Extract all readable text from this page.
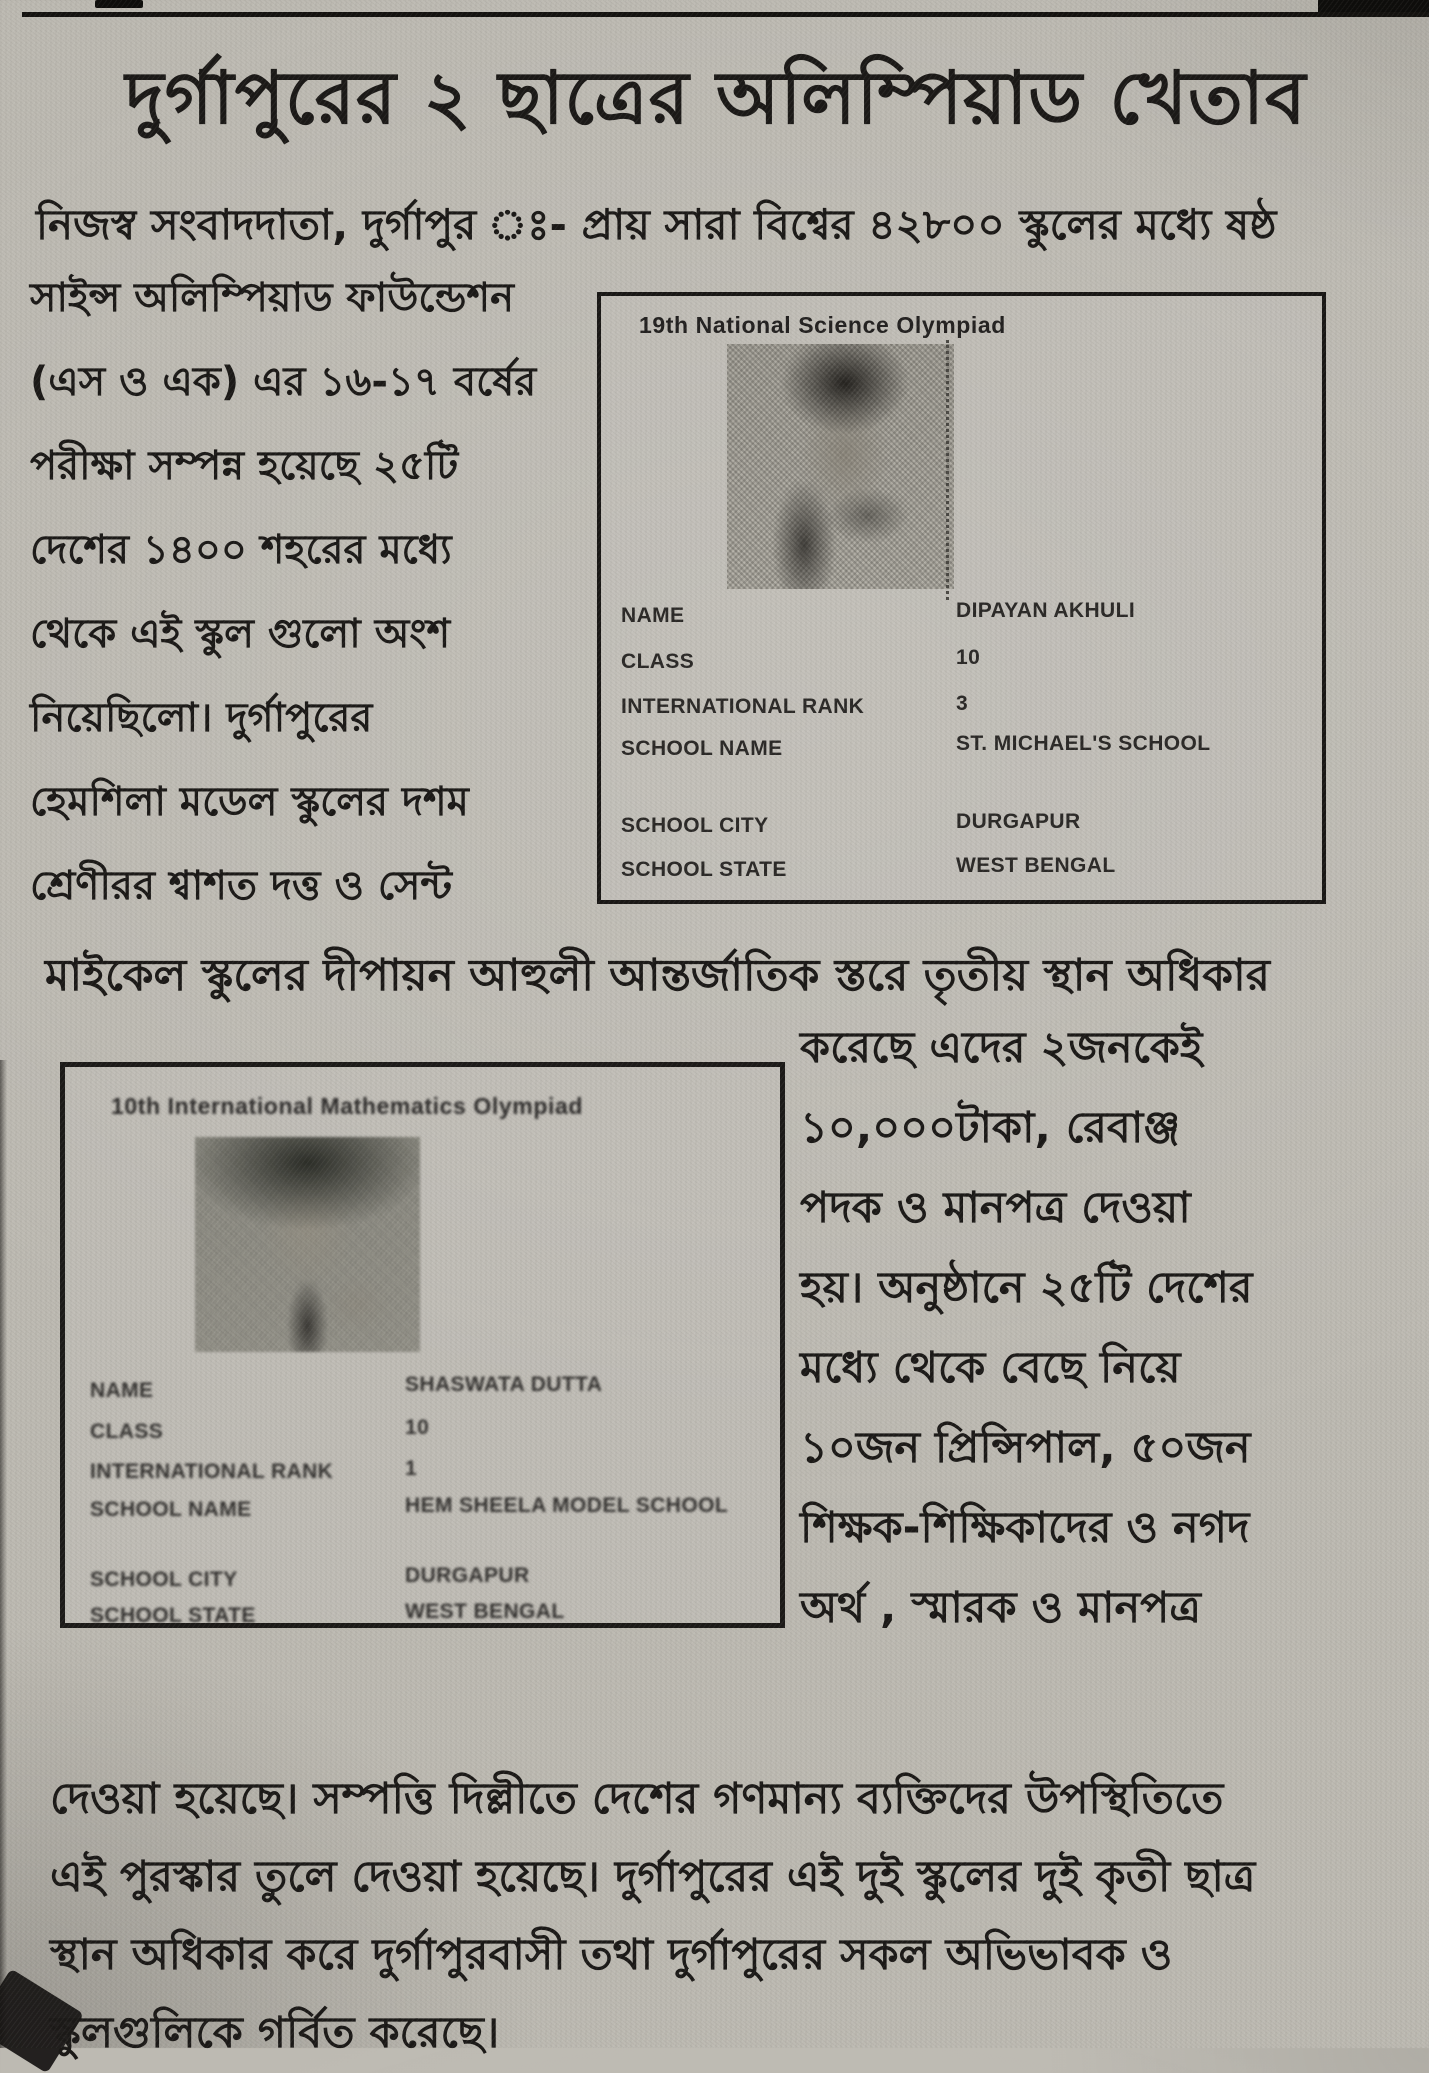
দুর্গাপুরের ২ ছাত্রের অলিম্পিয়াড খেতাব
নিজস্ব সংবাদদাতা, দুর্গাপুর ঃ- প্রায় সারা বিশ্বের ৪২৮০০ স্কুলের মধ্যে ষষ্ঠ
সাইন্স অলিম্পিয়াড ফাউন্ডেশন
(এস ও এক) এর ১৬-১৭ বর্ষের
পরীক্ষা সম্পন্ন হয়েছে ২৫টি
দেশের ১৪০০ শহরের মধ্যে
থেকে এই স্কুল গুলো অংশ
নিয়েছিলো। দুর্গাপুরের
হেমশিলা মডেল স্কুলের দশম
শ্রেণীরর শ্বাশত দত্ত ও সেন্ট
19th National Science Olympiad
NAME	DIPAYAN AKHULI
CLASS	10
INTERNATIONAL RANK	3
SCHOOL NAME	ST. MICHAEL'S SCHOOL
SCHOOL CITY	DURGAPUR
SCHOOL STATE	WEST BENGAL
মাইকেল স্কুলের দীপায়ন আহুলী আন্তর্জাতিক স্তরে তৃতীয় স্থান অধিকার
10th International Mathematics Olympiad
NAME	SHASWATA DUTTA
CLASS	10
INTERNATIONAL RANK	1
SCHOOL NAME	HEM SHEELA MODEL SCHOOL
SCHOOL CITY	DURGAPUR
SCHOOL STATE	WEST BENGAL
করেছে এদের ২জনকেই
১০,০০০টাকা, রেবাঞ্জ
পদক ও মানপত্র দেওয়া
হয়। অনুষ্ঠানে ২৫টি দেশের
মধ্যে থেকে বেছে নিয়ে
১০জন প্রিন্সিপাল, ৫০জন
শিক্ষক-শিক্ষিকাদের ও নগদ
অর্থ , স্মারক ও মানপত্র
দেওয়া হয়েছে। সম্পত্তি দিল্লীতে দেশের গণমান্য ব্যক্তিদের উপস্থিতিতে
এই পুরস্কার তুলে দেওয়া হয়েছে। দুর্গাপুরের এই দুই স্কুলের দুই কৃতী ছাত্র
স্থান অধিকার করে দুর্গাপুরবাসী তথা দুর্গাপুরের সকল অভিভাবক ও
স্কুলগুলিকে গর্বিত করেছে।
